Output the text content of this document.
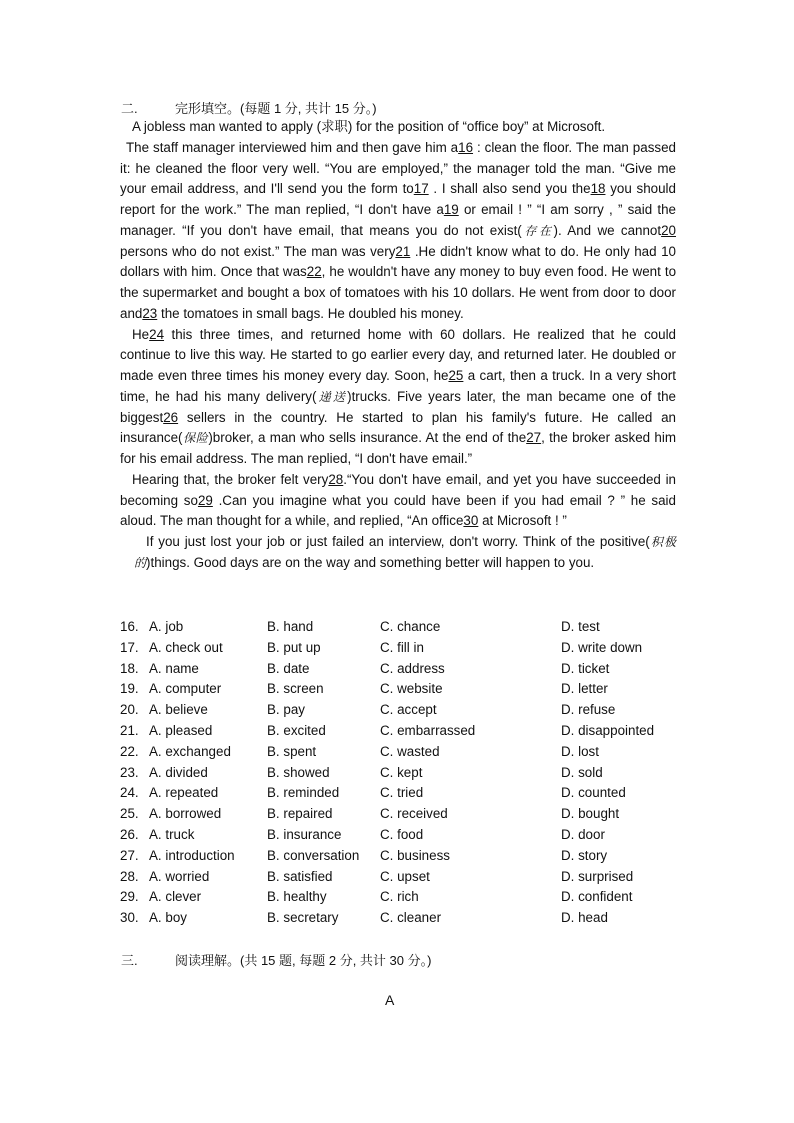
二.	完形填空。(每题 1 分, 共计 15 分。)

A jobless man wanted to apply (求职) for the position of “office boy” at Microsoft.

The staff manager interviewed him and then gave him a16 : clean the floor. The man passed it: he cleaned the floor very well. “You are employed,” the manager told the man. “Give me your email address, and I'll send you the form to17 . I shall also send you the18 you should report for the work.” The man replied, “I don't have a19 or email ! ” “I am sorry , ” said the manager. “If you don't have email, that means you do not exist(存在). And we cannot20 persons who do not exist.” The man was very21 .He didn't know what to do. He only had 10 dollars with him. Once that was22, he wouldn't have any money to buy even food. He went to the supermarket and bought a box of tomatoes with his 10 dollars. He went from door to door and23 the tomatoes in small bags. He doubled his money.

He24 this three times, and returned home with 60 dollars. He realized that he could continue to live this way. He started to go earlier every day, and returned later. He doubled or made even three times his money every day. Soon, he25 a cart, then a truck. In a very short time, he had his many delivery(递送)trucks. Five years later, the man became one of the biggest26 sellers in the country. He started to plan his family's future. He called an insurance(保险)broker, a man who sells insurance. At the end of the27, the broker asked him for his email address. The man replied, “I don't have email.”

Hearing that, the broker felt very28.“You don't have email, and yet you have succeeded in becoming so29 .Can you imagine what you could have been if you had email ? ” he said aloud. The man thought for a while, and replied, “An office30 at Microsoft ! ”

If you just lost your job or just failed an interview, don't worry. Think of the positive(积极的)things. Good days are on the way and something better will happen to you.

16. A. job	B. hand	C. chance	D. test
17. A. check out	B. put up	C. fill in	D. write down
18. A. name	B. date	C. address	D. ticket
19. A. computer	B. screen	C. website	D. letter
20. A. believe	B. pay	C. accept	D. refuse
21. A. pleased	B. excited	C. embarrassed	D. disappointed
22. A. exchanged	B. spent	C. wasted	D. lost
23. A. divided	B. showed	C. kept	D. sold
24. A. repeated	B. reminded	C. tried	D. counted
25. A. borrowed	B. repaired	C. received	D. bought
26. A. truck	B. insurance	C. food	D. door
27. A. introduction B. conversation C. business	D. story
28. A. worried	B. satisfied	C. upset	D. surprised
29. A. clever	B. healthy	C. rich	D. confident
30. A. boy	B. secretary	C. cleaner	D. head
三.	阅读理解。(共 15 题, 每题 2 分, 共计 30 分。)
A
